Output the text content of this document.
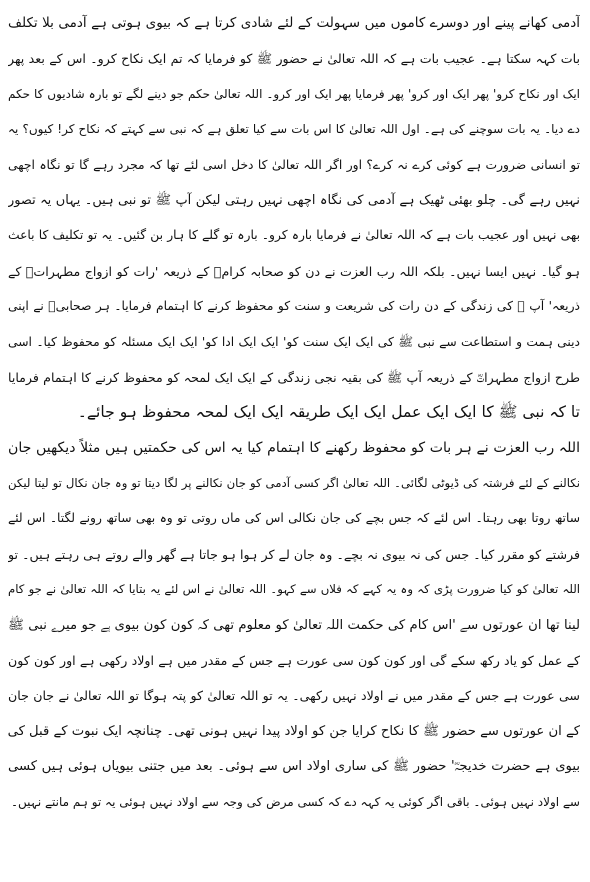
آدمی کھانے پینے اور دوسرے کاموں میں سہولت کے لئے شادی کرتا ہے کہ بیوی ہوتی ہے آدمی بلا تکلف
بات کہہ سکتا ہے۔ عجیب بات ہے کہ اللہ تعالیٰ نے حضور ﷺ کو فرمایا کہ تم ایک نکاح کرو۔ اس کے بعد پھر
ایک اور نکاح کرو' پھر ایک اور کرو' پھر فرمایا پھر ایک اور کرو۔ اللہ تعالیٰ حکم جو دینے لگے تو بارہ شادیوں کا حکم
دے دیا۔ یہ بات سوچنے کی ہے۔ اول اللہ تعالیٰ کا اس بات سے کیا تعلق ہے کہ نبی سے کہتے کہ نکاح کر! کیوں؟ یہ
تو انسانی ضرورت ہے کوئی کرے نہ کرے؟ اور اگر اللہ تعالیٰ کا دخل اسی لئے تھا کہ مجرد رہے گا تو نگاہ اچھی
نہیں رہے گی۔ چلو بھئی ٹھیک ہے آدمی کی نگاہ اچھی نہیں رہتی لیکن آپ ﷺ تو نبی ہیں۔ یہاں یہ تصور
بھی نہیں اور عجیب بات ہے کہ اللہ تعالیٰ نے فرمایا بارہ کرو۔ بارہ تو گلے کا ہار بن گئیں۔ یہ تو تکلیف کا باعث
ہو گیا۔ نہیں ایسا نہیں۔ بلکہ اللہ رب العزت نے دن کو صحابہ کرامؓ کے ذریعہ 'رات کو ازواج مطہراتؓ کے
ذریعہ' آپ ﷺ کی زندگی کے دن رات کی شریعت و سنت کو محفوظ کرنے کا اہتمام فرمایا۔ ہر صحابیؓ نے اپنی
دینی ہمت و استطاعت سے نبی ﷺ کی ایک ایک سنت کو' ایک ایک ادا کو' ایک ایک مسئلہ کو محفوظ کیا۔ اسی
طرح ازواج مطہراتؓ کے ذریعہ آپ ﷺ کی بقیہ نجی زندگی کے ایک ایک لمحہ کو محفوظ کرنے کا اہتمام فرمایا
تا کہ نبی ﷺ کا ایک ایک عمل ایک ایک طریقہ ایک ایک لمحہ محفوظ ہو جائے۔
اللہ رب العزت نے ہر بات کو محفوظ رکھنے کا اہتمام کیا یہ اس کی حکمتیں ہیں مثلاً دیکھیں جان
نکالنے کے لئے فرشتہ کی ڈیوٹی لگائی۔ اللہ تعالیٰ اگر کسی آدمی کو جان نکالنے پر لگا دیتا تو وہ جان نکال تو لیتا لیکن
ساتھ روتا بھی رہتا۔ اس لئے کہ جس بچے کی جان نکالی اس کی ماں روتی تو وہ بھی ساتھ رونے لگتا۔ اس لئے
فرشتے کو مقرر کیا۔ جس کی نہ بیوی نہ بچے۔ وہ جان لے کر ہوا ہو جاتا ہے گھر والے روتے ہی رہتے ہیں۔ تو
اللہ تعالیٰ کو کیا ضرورت پڑی کہ وہ یہ کہے کہ فلاں سے کہو۔ اللہ تعالیٰ نے اس لئے یہ بتایا کہ اللہ تعالیٰ نے جو کام
لینا تھا ان عورتوں سے 'اس کام کی حکمت اللہ تعالیٰ کو معلوم تھی کہ کون کون بیوی ہے جو میرے نبی ﷺ
کے عمل کو یاد رکھ سکے گی اور کون کون سی عورت ہے جس کے مقدر میں ہے اولاد رکھی ہے اور کون کون
سی عورت ہے جس کے مقدر میں نے اولاد نہیں رکھی۔ یہ تو اللہ تعالیٰ کو پتہ ہوگا تو اللہ تعالیٰ نے جان جان
کے ان عورتوں سے حضور ﷺ کا نکاح کرایا جن کو اولاد پیدا نہیں ہونی تھی۔ چنانچہ ایک نبوت کے قبل کی
بیوی ہے حضرت خدیجہؓ' حضور ﷺ کی ساری اولاد اس سے ہوئی۔ بعد میں جتنی بیویاں ہوئی ہیں کسی
سے اولاد نہیں ہوئی۔ باقی اگر کوئی یہ کہہ دے کہ کسی مرض کی وجہ سے اولاد نہیں ہوئی یہ تو ہم مانتے نہیں۔
